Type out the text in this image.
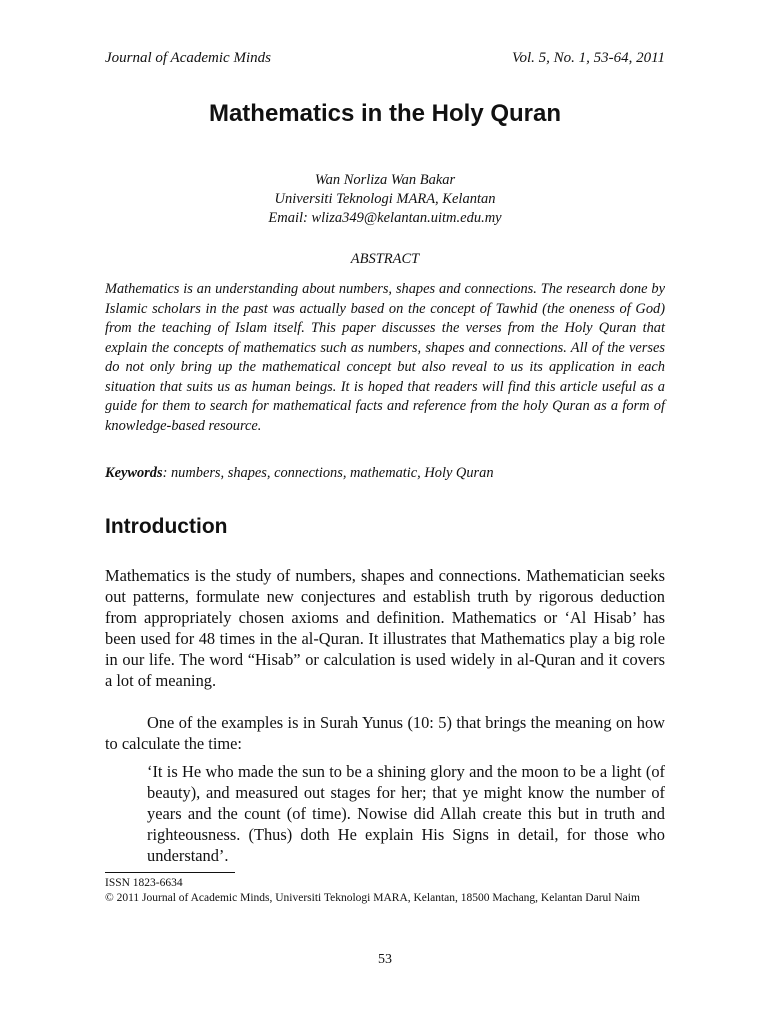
Journal of Academic Minds	Vol. 5, No. 1, 53-64, 2011
Mathematics in the Holy Quran
Wan Norliza Wan Bakar
Universiti Teknologi MARA, Kelantan
Email: wliza349@kelantan.uitm.edu.my
ABSTRACT

Mathematics is an understanding about numbers, shapes and connections. The research done by Islamic scholars in the past was actually based on the concept of Tawhid (the oneness of God) from the teaching of Islam itself. This paper discusses the verses from the Holy Quran that explain the concepts of mathematics such as numbers, shapes and connections. All of the verses do not only bring up the mathematical concept but also reveal to us its application in each situation that suits us as human beings. It is hoped that readers will find this article useful as a guide for them to search for mathematical facts and reference from the holy Quran as a form of knowledge-based resource.

Keywords: numbers, shapes, connections, mathematic, Holy Quran

Introduction

Mathematics is the study of numbers, shapes and connections. Mathematician seeks out patterns, formulate new conjectures and establish truth by rigorous deduction from appropriately chosen axioms and definition. Mathematics or ‘Al Hisab’ has been used for 48 times in the al-Quran. It illustrates that Mathematics play a big role in our life. The word “Hisab” or calculation is used widely in al-Quran and it covers a lot of meaning.

One of the examples is in Surah Yunus (10: 5) that brings the meaning on how to calculate the time:

‘It is He who made the sun to be a shining glory and the moon to be a light (of beauty), and measured out stages for her; that ye might know the number of years and the count (of time). Nowise did Allah create this but in truth and righteousness. (Thus) doth He explain His Signs in detail, for those who understand’.

ISSN 1823-6634
© 2011 Journal of Academic Minds, Universiti Teknologi MARA, Kelantan, 18500 Machang, Kelantan Darul Naim
53
